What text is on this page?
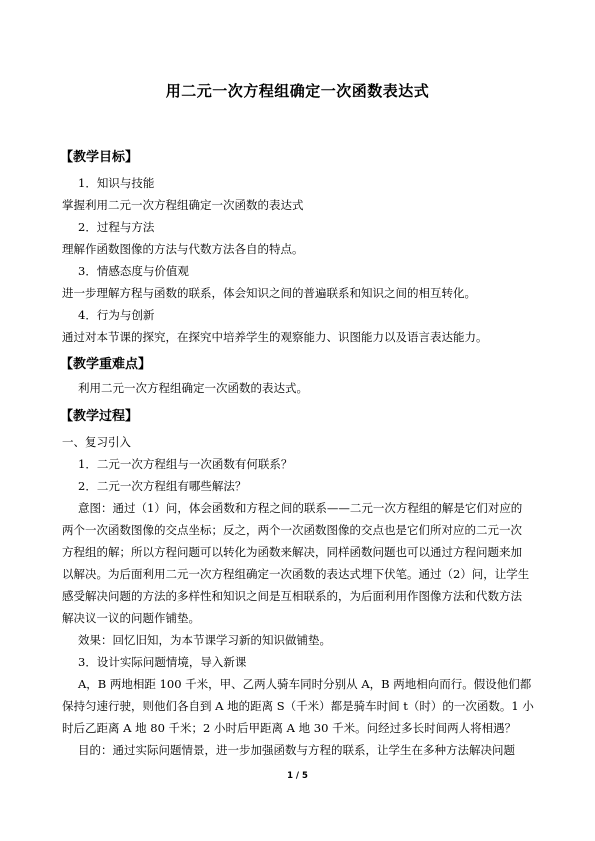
用二元一次方程组确定一次函数表达式
【教学目标】
1．知识与技能
掌握利用二元一次方程组确定一次函数的表达式
2．过程与方法
理解作函数图像的方法与代数方法各自的特点。
3．情感态度与价值观
进一步理解方程与函数的联系，体会知识之间的普遍联系和知识之间的相互转化。
4．行为与创新
通过对本节课的探究，在探究中培养学生的观察能力、识图能力以及语言表达能力。
【教学重难点】
利用二元一次方程组确定一次函数的表达式。
【教学过程】
一、复习引入
1．二元一次方程组与一次函数有何联系？
2．二元一次方程组有哪些解法？
意图：通过（1）问，体会函数和方程之间的联系——二元一次方程组的解是它们对应的
两个一次函数图像的交点坐标；反之，两个一次函数图像的交点也是它们所对应的二元一次
方程组的解；所以方程问题可以转化为函数来解决，同样函数问题也可以通过方程问题来加
以解决。为后面利用二元一次方程组确定一次函数的表达式埋下伏笔。通过（2）问，让学生
感受解决问题的方法的多样性和知识之间是互相联系的，为后面利用作图像方法和代数方法
解决议一议的问题作铺垫。
效果：回忆旧知，为本节课学习新的知识做铺垫。
3．设计实际问题情境，导入新课
A，B 两地相距 100 千米，甲、乙两人骑车同时分别从 A，B 两地相向而行。假设他们都
保持匀速行驶，则他们各自到 A 地的距离 S（千米）都是骑车时间 t（时）的一次函数。1 小
时后乙距离 A 地 80 千米；2 小时后甲距离 A 地 30 千米。问经过多长时间两人将相遇？
目的：通过实际问题情景，进一步加强函数与方程的联系，让学生在多种方法解决问题
1 / 5
